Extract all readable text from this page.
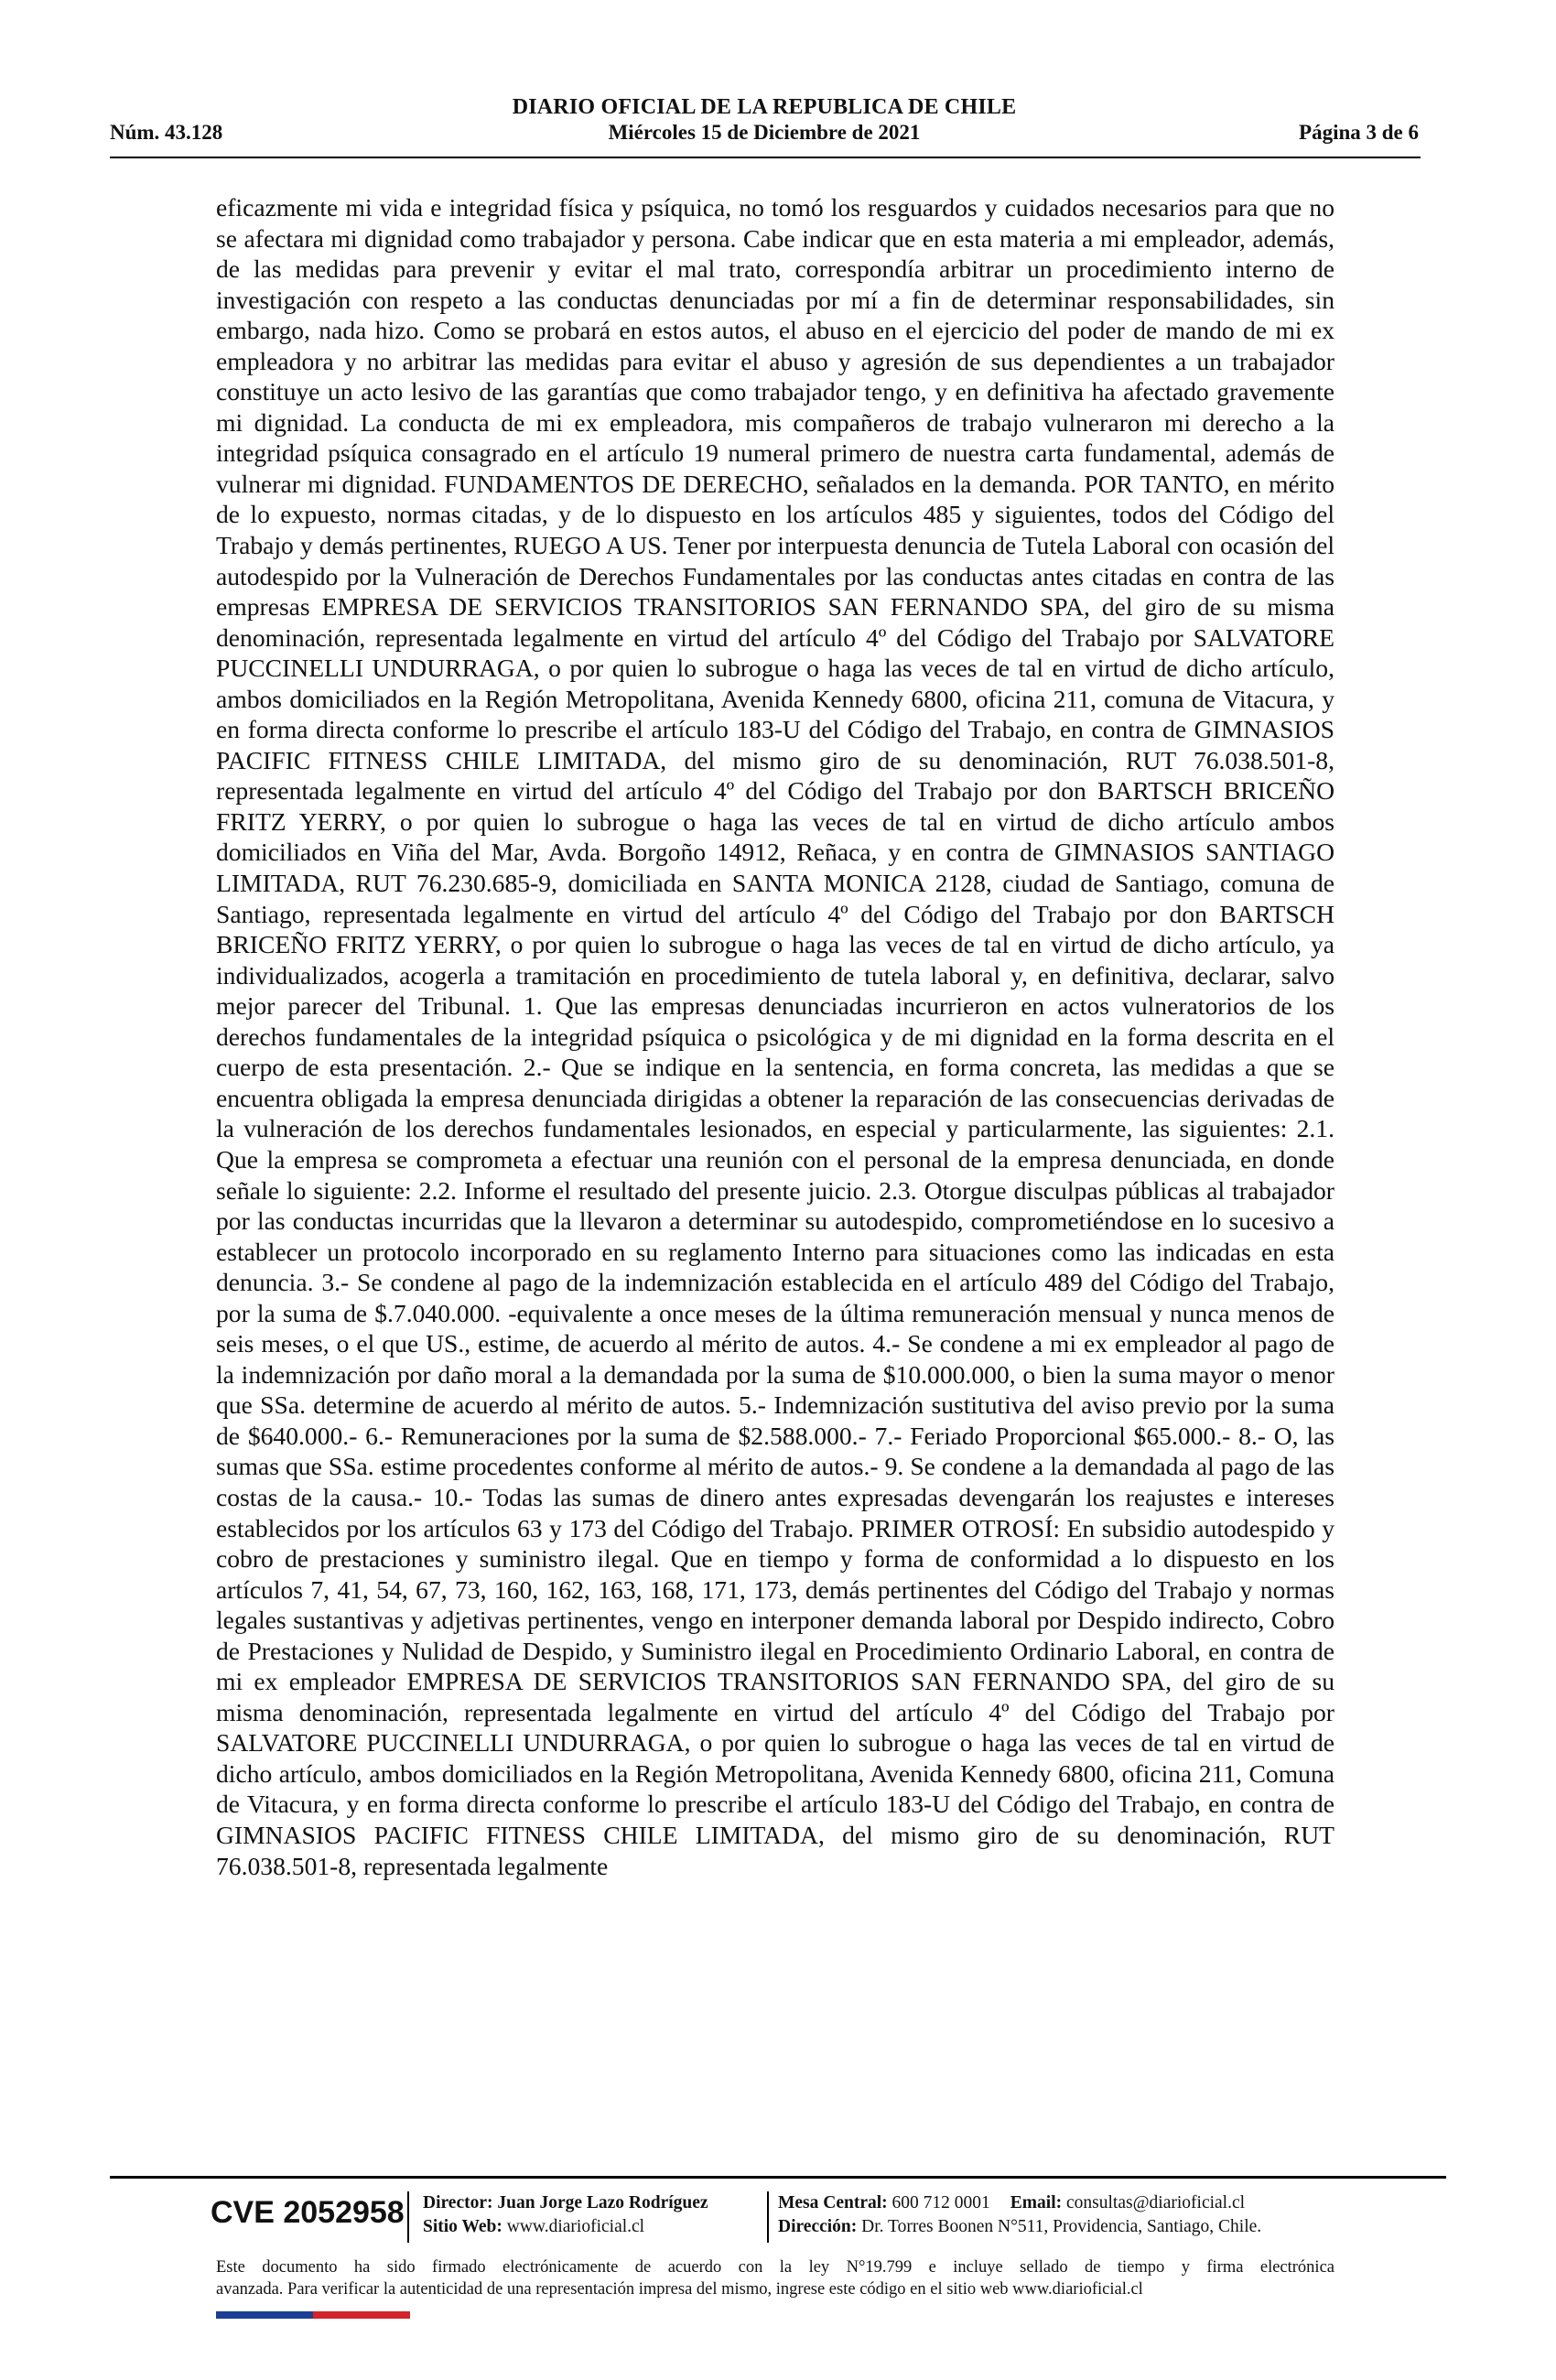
DIARIO OFICIAL DE LA REPUBLICA DE CHILE
Núm. 43.128	Miércoles 15 de Diciembre de 2021	Página 3 de 6

eficazmente mi vida e integridad física y psíquica, no tomó los resguardos y cuidados necesarios para que no se afectara mi dignidad como trabajador y persona. Cabe indicar que en esta materia a mi empleador, además, de las medidas para prevenir y evitar el mal trato, correspondía arbitrar un procedimiento interno de investigación con respeto a las conductas denunciadas por mí a fin de determinar responsabilidades, sin embargo, nada hizo. Como se probará en estos autos, el abuso en el ejercicio del poder de mando de mi ex empleadora y no arbitrar las medidas para evitar el abuso y agresión de sus dependientes a un trabajador constituye un acto lesivo de las garantías que como trabajador tengo, y en definitiva ha afectado gravemente mi dignidad. La conducta de mi ex empleadora, mis compañeros de trabajo vulneraron mi derecho a la integridad psíquica consagrado en el artículo 19 numeral primero de nuestra carta fundamental, además de vulnerar mi dignidad. FUNDAMENTOS DE DERECHO, señalados en la demanda. POR TANTO, en mérito de lo expuesto, normas citadas, y de lo dispuesto en los artículos 485 y siguientes, todos del Código del Trabajo y demás pertinentes, RUEGO A US. Tener por interpuesta denuncia de Tutela Laboral con ocasión del autodespido por la Vulneración de Derechos Fundamentales por las conductas antes citadas en contra de las empresas EMPRESA DE SERVICIOS TRANSITORIOS SAN FERNANDO SPA, del giro de su misma denominación, representada legalmente en virtud del artículo 4º del Código del Trabajo por SALVATORE PUCCINELLI UNDURRAGA, o por quien lo subrogue o haga las veces de tal en virtud de dicho artículo, ambos domiciliados en la Región Metropolitana, Avenida Kennedy 6800, oficina 211, comuna de Vitacura, y en forma directa conforme lo prescribe el artículo 183-U del Código del Trabajo, en contra de GIMNASIOS PACIFIC FITNESS CHILE LIMITADA, del mismo giro de su denominación, RUT 76.038.501-8, representada legalmente en virtud del artículo 4º del Código del Trabajo por don BARTSCH BRICEÑO FRITZ YERRY, o por quien lo subrogue o haga las veces de tal en virtud de dicho artículo ambos domiciliados en Viña del Mar, Avda. Borgoño 14912, Reñaca, y en contra de GIMNASIOS SANTIAGO LIMITADA, RUT 76.230.685-9, domiciliada en SANTA MONICA 2128, ciudad de Santiago, comuna de Santiago, representada legalmente en virtud del artículo 4º del Código del Trabajo por don BARTSCH BRICEÑO FRITZ YERRY, o por quien lo subrogue o haga las veces de tal en virtud de dicho artículo, ya individualizados, acogerla a tramitación en procedimiento de tutela laboral y, en definitiva, declarar, salvo mejor parecer del Tribunal. 1. Que las empresas denunciadas incurrieron en actos vulneratorios de los derechos fundamentales de la integridad psíquica o psicológica y de mi dignidad en la forma descrita en el cuerpo de esta presentación. 2.- Que se indique en la sentencia, en forma concreta, las medidas a que se encuentra obligada la empresa denunciada dirigidas a obtener la reparación de las consecuencias derivadas de la vulneración de los derechos fundamentales lesionados, en especial y particularmente, las siguientes: 2.1. Que la empresa se comprometa a efectuar una reunión con el personal de la empresa denunciada, en donde señale lo siguiente: 2.2. Informe el resultado del presente juicio. 2.3. Otorgue disculpas públicas al trabajador por las conductas incurridas que la llevaron a determinar su autodespido, comprometiéndose en lo sucesivo a establecer un protocolo incorporado en su reglamento Interno para situaciones como las indicadas en esta denuncia. 3.- Se condene al pago de la indemnización establecida en el artículo 489 del Código del Trabajo, por la suma de $.7.040.000. -equivalente a once meses de la última remuneración mensual y nunca menos de seis meses, o el que US., estime, de acuerdo al mérito de autos. 4.- Se condene a mi ex empleador al pago de la indemnización por daño moral a la demandada por la suma de $10.000.000, o bien la suma mayor o menor que SSa. determine de acuerdo al mérito de autos. 5.- Indemnización sustitutiva del aviso previo por la suma de $640.000.- 6.- Remuneraciones por la suma de $2.588.000.- 7.- Feriado Proporcional $65.000.- 8.- O, las sumas que SSa. estime procedentes conforme al mérito de autos.- 9. Se condene a la demandada al pago de las costas de la causa.- 10.- Todas las sumas de dinero antes expresadas devengarán los reajustes e intereses establecidos por los artículos 63 y 173 del Código del Trabajo. PRIMER OTROSÍ: En subsidio autodespido y cobro de prestaciones y suministro ilegal. Que en tiempo y forma de conformidad a lo dispuesto en los artículos 7, 41, 54, 67, 73, 160, 162, 163, 168, 171, 173, demás pertinentes del Código del Trabajo y normas legales sustantivas y adjetivas pertinentes, vengo en interponer demanda laboral por Despido indirecto, Cobro de Prestaciones y Nulidad de Despido, y Suministro ilegal en Procedimiento Ordinario Laboral, en contra de mi ex empleador EMPRESA DE SERVICIOS TRANSITORIOS SAN FERNANDO SPA, del giro de su misma denominación, representada legalmente en virtud del artículo 4º del Código del Trabajo por SALVATORE PUCCINELLI UNDURRAGA, o por quien lo subrogue o haga las veces de tal en virtud de dicho artículo, ambos domiciliados en la Región Metropolitana, Avenida Kennedy 6800, oficina 211, Comuna de Vitacura, y en forma directa conforme lo prescribe el artículo 183-U del Código del Trabajo, en contra de GIMNASIOS PACIFIC FITNESS CHILE LIMITADA, del mismo giro de su denominación, RUT 76.038.501-8, representada legalmente

CVE 2052958 Director: Juan Jorge Lazo Rodríguez
Sitio Web: www.diarioficial.cl
Mesa Central: 600 712 0001 Email: consultas@diarioficial.cl
Dirección: Dr. Torres Boonen N°511, Providencia, Santiago, Chile.

Este documento ha sido firmado electrónicamente de acuerdo con la ley N°19.799 e incluye sellado de tiempo y firma electrónica

avanzada. Para verificar la autenticidad de una representación impresa del mismo, ingrese este código en el sitio web www.diarioficial.cl
